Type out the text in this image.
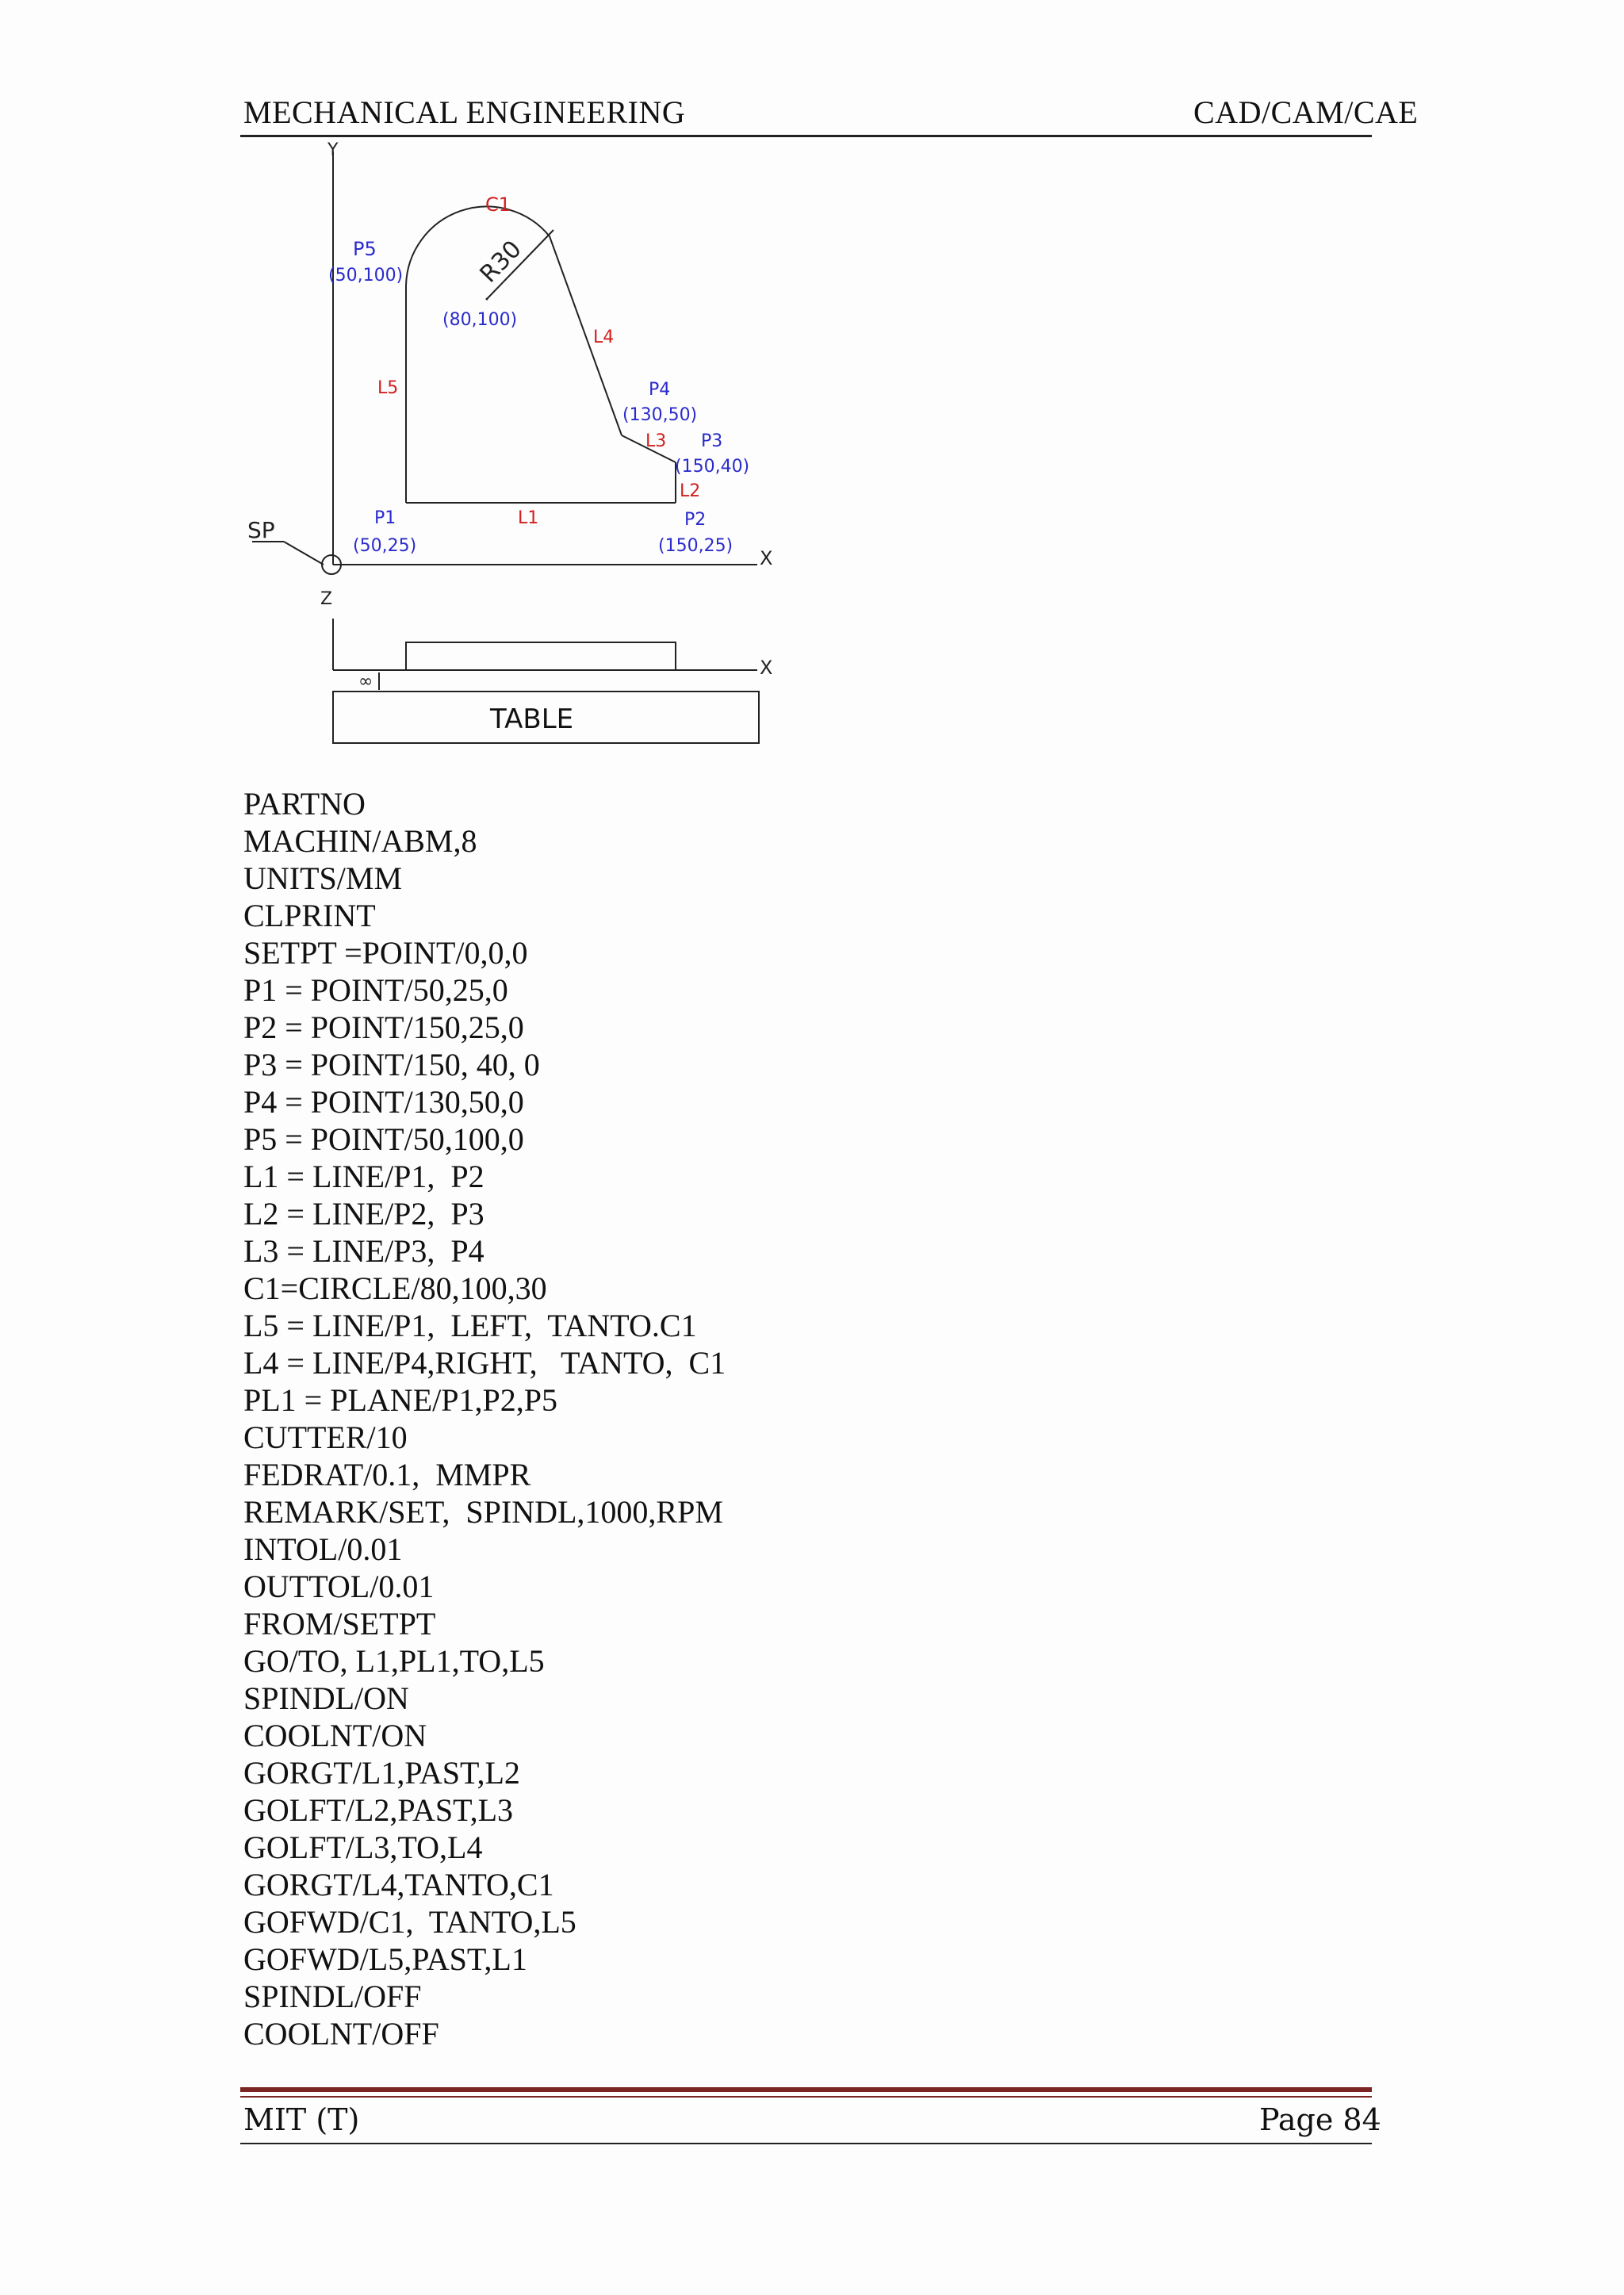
MECHANICAL ENGINEERING	CAD/CAM/CAE
Y
X
SP
R30
C1
L4
L5
L1
L3
L2
P5
(50,100)
(80,100)
P4
(130,50)
P3
(150,40)
P1
(50,25)
P2
(150,25)
Z
X
∞
TABLE
PARTNO
MACHIN/ABM,8
UNITS/MM
CLPRINT
SETPT =POINT/0,0,0
P1 = POINT/50,25,0
P2 = POINT/150,25,0
P3 = POINT/150, 40, 0
P4 = POINT/130,50,0
P5 = POINT/50,100,0
L1 = LINE/P1,  P2
L2 = LINE/P2,  P3
L3 = LINE/P3,  P4
C1=CIRCLE/80,100,30
L5 = LINE/P1,  LEFT,  TANTO.C1
L4 = LINE/P4,RIGHT,   TANTO,  C1
PL1 = PLANE/P1,P2,P5
CUTTER/10
FEDRAT/0.1,  MMPR
REMARK/SET,  SPINDL,1000,RPM
INTOL/0.01
OUTTOL/0.01
FROM/SETPT
GO/TO, L1,PL1,TO,L5
SPINDL/ON
COOLNT/ON
GORGT/L1,PAST,L2
GOLFT/L2,PAST,L3
GOLFT/L3,TO,L4
GORGT/L4,TANTO,C1
GOFWD/C1,  TANTO,L5
GOFWD/L5,PAST,L1
SPINDL/OFF
COOLNT/OFF
MIT (T)	Page 84
